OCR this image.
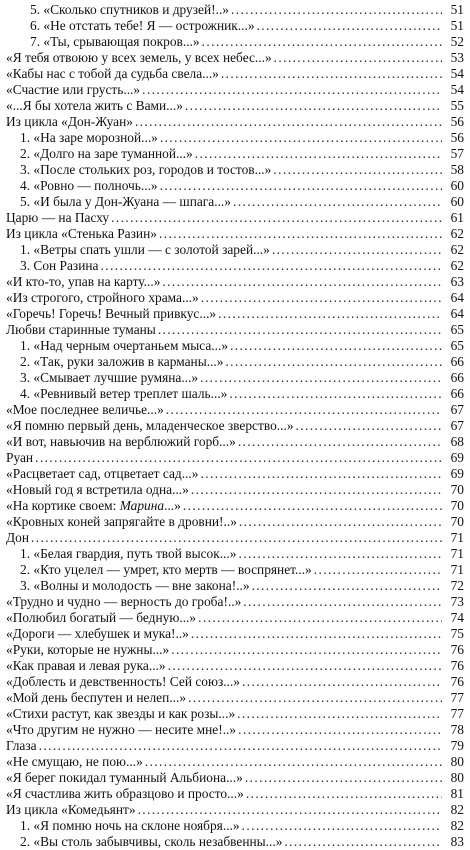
5. «Сколько спутников и друзей!..» .....	51
6. «Не отстать тебе! Я — острожник...» .....	51
7. «Ты, срывающая покров...» .....	52
«Я тебя отвоюю у всех земель, у всех небес...» .....	53
«Кабы нас с тобой да судьба свела...» .....	54
«Счастие или грусть...» .....	54
«...Я бы хотела жить с Вами...» .....	55
Из цикла «Дон-Жуан» .....	56
1. «На заре морозной...» .....	56
2. «Долго на заре туманной...» .....	57
3. «После стольких роз, городов и тостов...» .....	58
4. «Ровно — полночь...» .....	60
5. «И была у Дон-Жуана — шпага...» .....	60
Царю — на Пасху .....	61
Из цикла «Стенька Разин» .....	62
1. «Ветры спать ушли — с золотой зарей...» .....	62
3. Сон Разина .....	62
«И кто-то, упав на карту...» .....	63
«Из строгого, стройного храма...» .....	64
«Горечь! Горечь! Вечный привкус...» .....	64
Любви старинные туманы .....	65
1. «Над черным очертаньем мыса...» .....	65
2. «Так, руки заложив в карманы...» .....	66
3. «Смывает лучшие румяна...» .....	66
4. «Ревнивый ветер треплет шаль...» .....	66
«Мое последнее величье...» .....	67
«Я помню первый день, младенческое зверство...» .....	67
«И вот, навьючив на верблюжий горб...» .....	68
Руан .....	69
«Расцветает сад, отцветает сад...» .....	69
«Новый год я встретила одна...» .....	70
«На кортике своем: Марина...» .....	70
«Кровных коней запрягайте в дровни!..» .....	70
Дон .....	71
1. «Белая гвардия, путь твой высок...» .....	71
2. «Кто уцелел — умрет, кто мертв — воспрянет...» .....	71
3. «Волны и молодость — вне закона!..» .....	72
«Трудно и чудно — верность до гроба!..» .....	73
«Полюбил богатый — бедную...» .....	74
«Дороги — хлебушек и мука!..» .....	75
«Руки, которые не нужны...» .....	76
«Как правая и левая рука...» .....	76
«Доблесть и девственность! Сей союз...» .....	76
«Мой день беспутен и нелеп...» .....	77
«Стихи растут, как звезды и как розы...» .....	77
«Что другим не нужно — несите мне!..» .....	78
Глаза .....	79
«Не смущаю, не пою...» .....	80
«Я берег покидал туманный Альбиона...» .....	80
«Я счастлива жить образцово и просто...» .....	81
Из цикла «Комедьянт» .....	82
1. «Я помню ночь на склоне ноября...» .....	82
2. «Вы столь забывчивы, сколь незабвенны...» .....	83
